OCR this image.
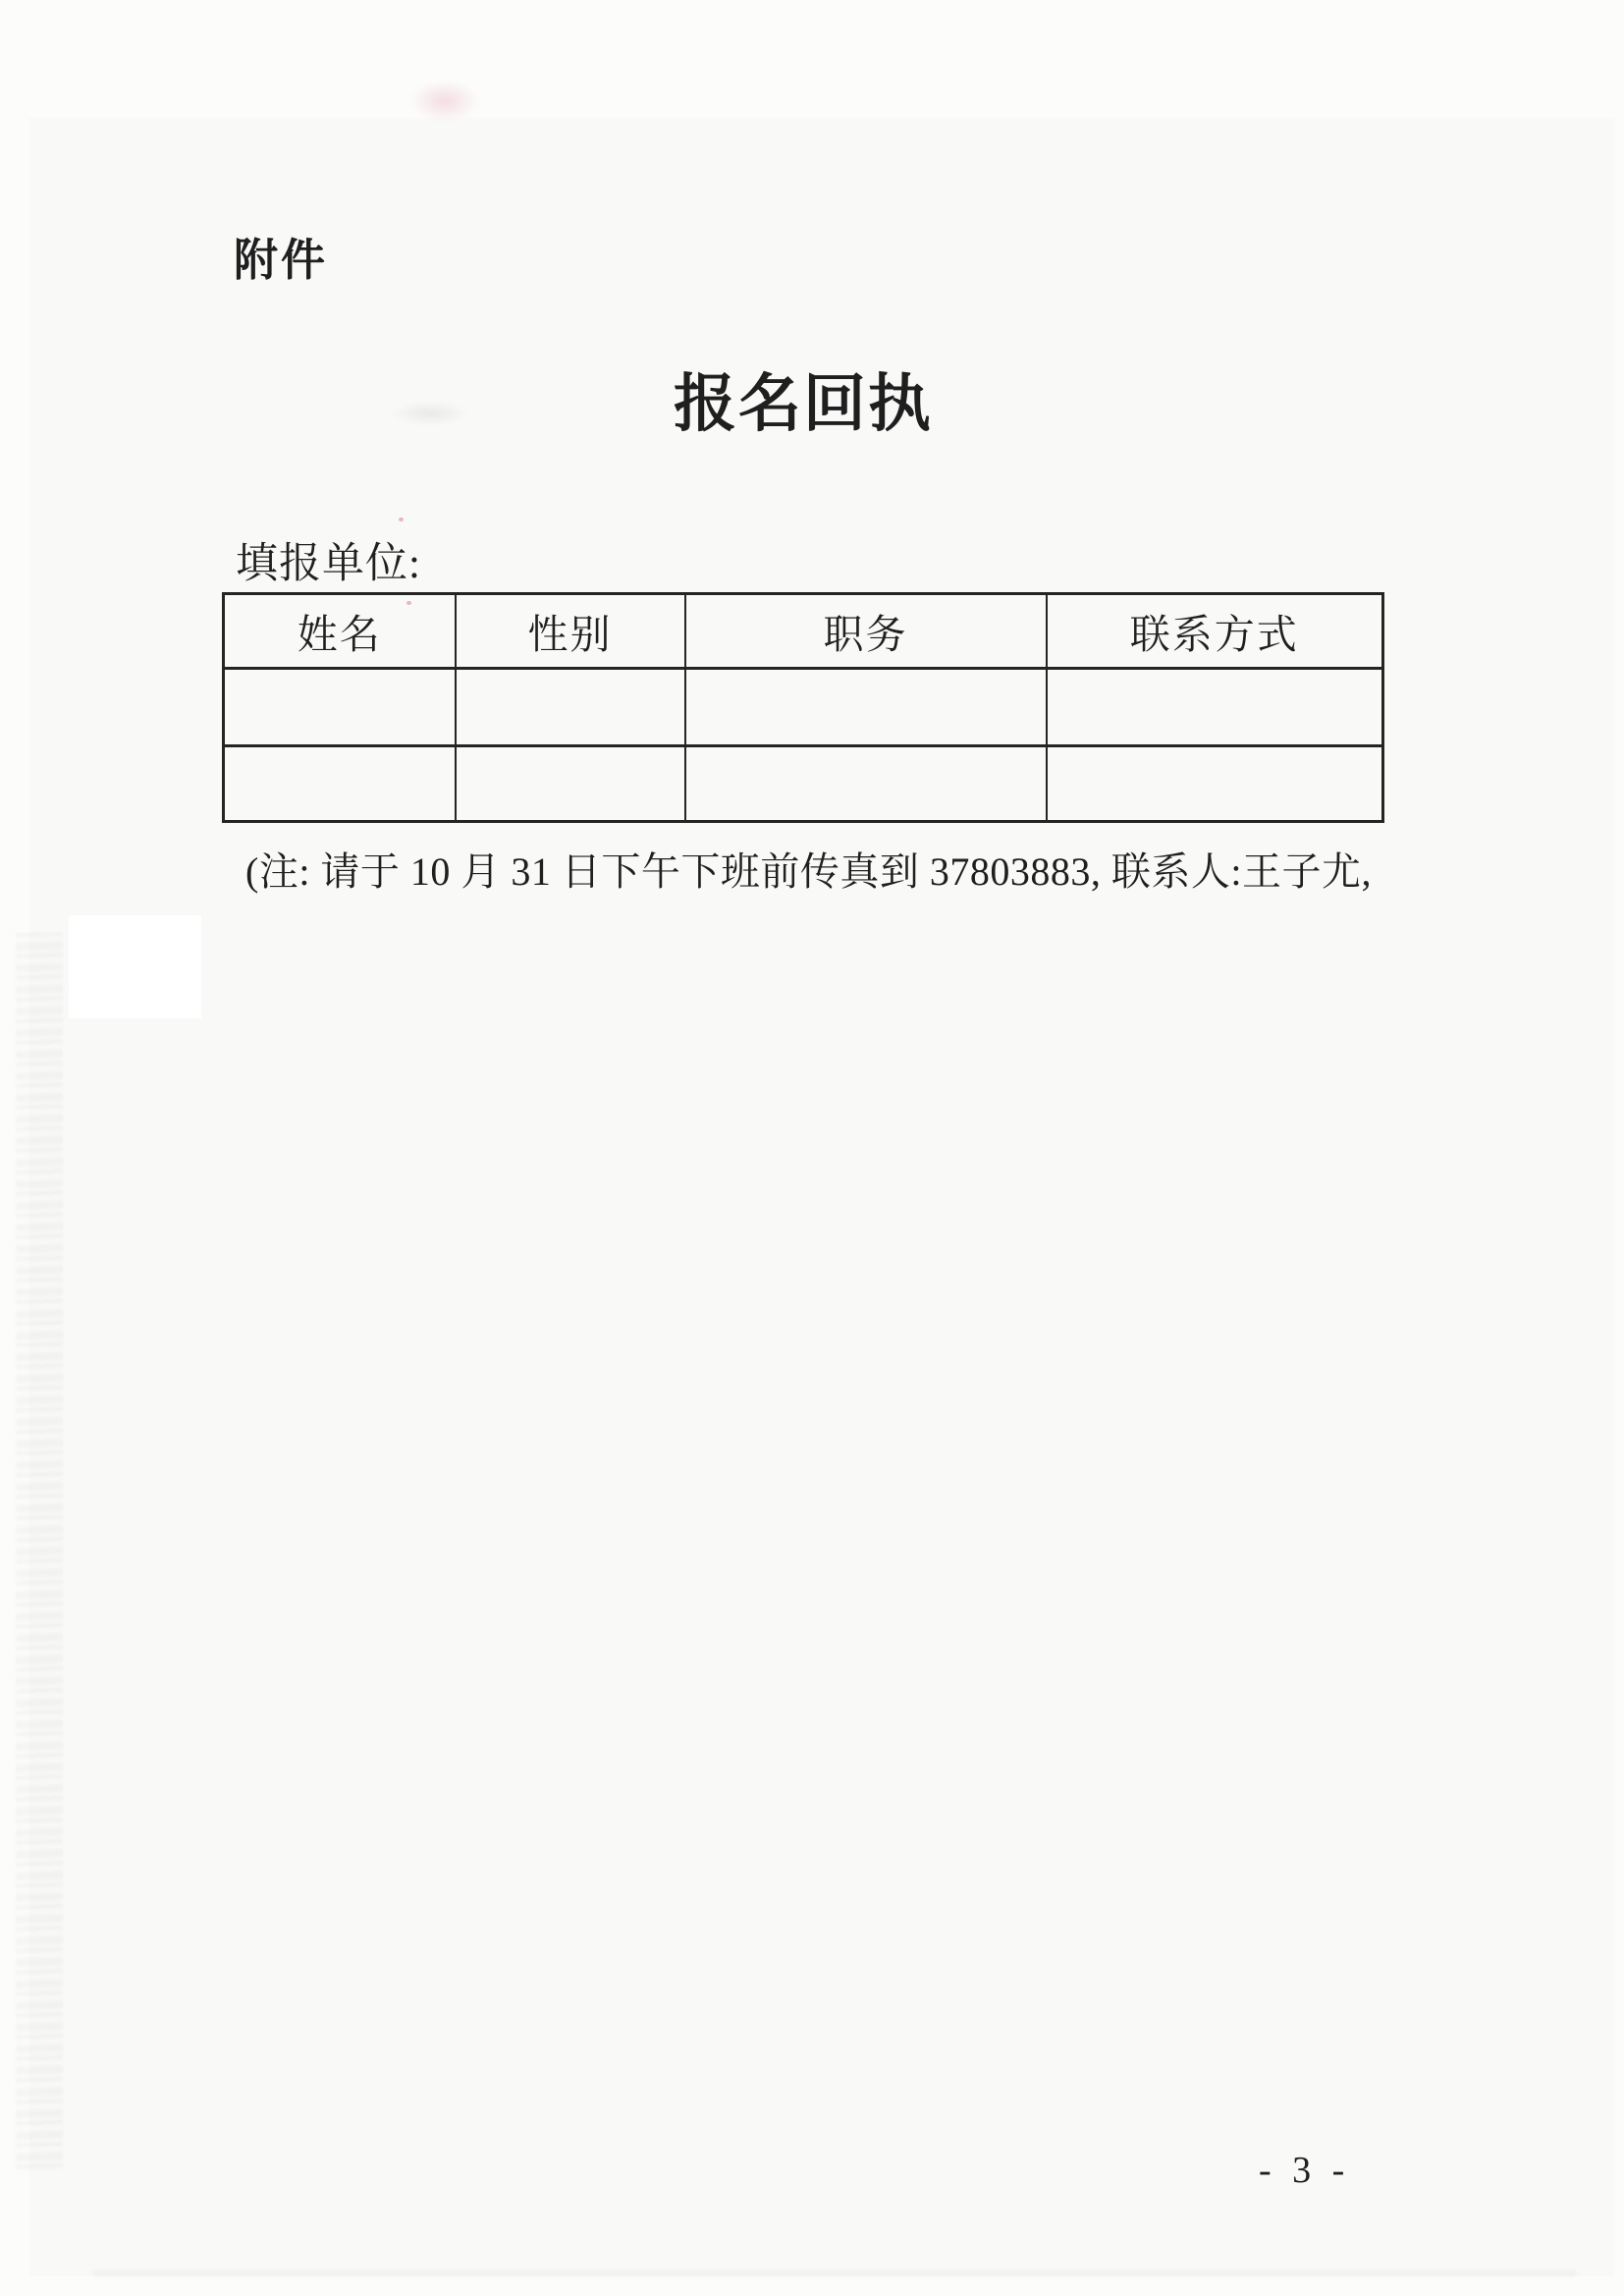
附件
报名回执
填报单位:
姓名	性别	职务	联系方式

(注: 请于 10 月 31 日下午下班前传真到 37803883, 联系人:王子尤,
- 3 -
